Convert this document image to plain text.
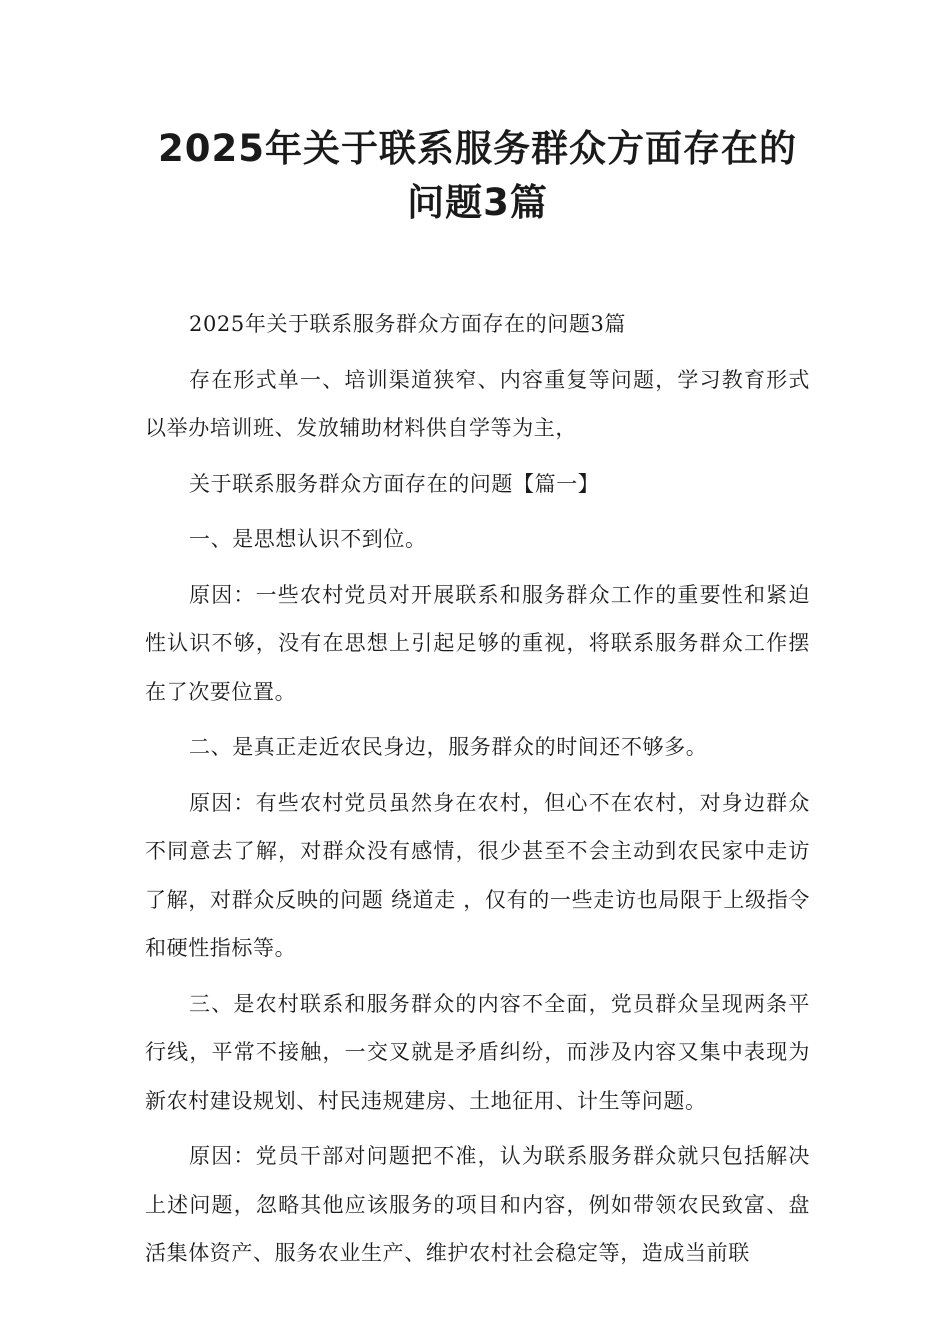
2025年关于联系服务群众方面存在的问题3篇

2025年关于联系服务群众方面存在的问题3篇

存在形式单一、培训渠道狭窄、内容重复等问题，学习教育形式以举办培训班、发放辅助材料供自学等为主，

关于联系服务群众方面存在的问题【篇一】

一、是思想认识不到位。

原因：一些农村党员对开展联系和服务群众工作的重要性和紧迫性认识不够，没有在思想上引起足够的重视，将联系服务群众工作摆在了次要位置。

二、是真正走近农民身边，服务群众的时间还不够多。

原因：有些农村党员虽然身在农村，但心不在农村，对身边群众不同意去了解，对群众没有感情，很少甚至不会主动到农民家中走访了解，对群众反映的问题 绕道走 ，仅有的一些走访也局限于上级指令和硬性指标等。

三、是农村联系和服务群众的内容不全面，党员群众呈现两条平行线，平常不接触，一交叉就是矛盾纠纷，而涉及内容又集中表现为新农村建设规划、村民违规建房、土地征用、计生等问题。

原因：党员干部对问题把不准，认为联系服务群众就只包括解决上述问题，忽略其他应该服务的项目和内容，例如带领农民致富、盘活集体资产、服务农业生产、维护农村社会稳定等，造成当前联
